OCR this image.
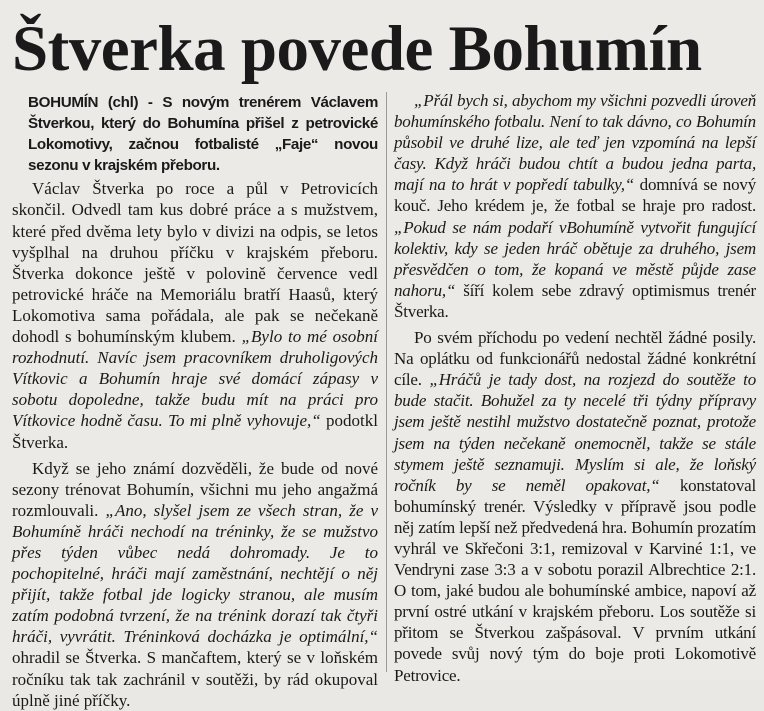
Štverka povede Bohumín

BOHUMÍN (chl) - S novým trenérem Václavem Štverkou, který do Bohumína přišel z petrovické Lokomotivy, začnou fotbalisté „Faje“ novou sezonu v krajském přeboru.

Václav Štverka po roce a půl v Petrovicích skončil. Odvedl tam kus dobré práce a s mužstvem, které před dvěma lety bylo v divizi na odpis, se letos vyšplhal na druhou příčku v krajském přeboru. Štverka dokonce ještě v polovině července vedl petrovické hráče na Memoriálu bratří Haasů, který Lokomotiva sama pořádala, ale pak se nečekaně dohodl s bohumínským klubem. „Bylo to mé osobní rozhodnutí. Navíc jsem pracovníkem druholigových Vítkovic a Bohumín hraje své domácí zápasy v sobotu dopoledne, takže budu mít na práci pro Vítkovice hodně času. To mi plně vyhovuje,“ podotkl Štverka.

Když se jeho známí dozvěděli, že bude od nové sezony trénovat Bohumín, všichni mu jeho angažmá rozmlouvali. „Ano, slyšel jsem ze všech stran, že v Bohumíně hráči nechodí na tréninky, že se mužstvo přes týden vůbec nedá dohromady. Je to pochopitelné, hráči mají zaměstnání, nechtějí o něj přijít, takže fotbal jde logicky stranou, ale musím zatím podobná tvrzení, že na trénink dorazí tak čtyři hráči, vyvrátit. Tréninková docházka je optimální,“ ohradil se Štverka. S mančaftem, který se v loňském ročníku tak tak zachránil v soutěži, by rád okupoval úplně jiné příčky.

„Přál bych si, abychom my všichni pozvedli úroveň bohumínského fotbalu. Není to tak dávno, co Bohumín působil ve druhé lize, ale teď jen vzpomíná na lepší časy. Když hráči budou chtít a budou jedna parta, mají na to hrát v popředí tabulky,“ domnívá se nový kouč. Jeho krédem je, že fotbal se hraje pro radost. „Pokud se nám podaří vBohumíně vytvořit fungující kolektiv, kdy se jeden hráč obětuje za druhého, jsem přesvědčen o tom, že kopaná ve městě půjde zase nahoru,“ šíří kolem sebe zdravý optimismus trenér Štverka.

Po svém příchodu po vedení nechtěl žádné posily. Na oplátku od funkcionářů nedostal žádné konkrétní cíle. „Hráčů je tady dost, na rozjezd do soutěže to bude stačit. Bohužel za ty necelé tři týdny přípravy jsem ještě nestihl mužstvo dostatečně poznat, protože jsem na týden nečekaně onemocněl, takže se stále stymem ještě seznamuji. Myslím si ale, že loňský ročník by se neměl opakovat,“ konstatoval bohumínský trenér. Výsledky v přípravě jsou podle něj zatím lepší než předvedená hra. Bohumín prozatím vyhrál ve Skřečoni 3:1, remizoval v Karviné 1:1, ve Vendryni zase 3:3 a v sobotu porazil Albrechtice 2:1. O tom, jaké budou ale bohumínské ambice, napoví až první ostré utkání v krajském přeboru. Los soutěže si přitom se Štverkou zašpásoval. V prvním utkání povede svůj nový tým do boje proti Lokomotivě Petrovice.
